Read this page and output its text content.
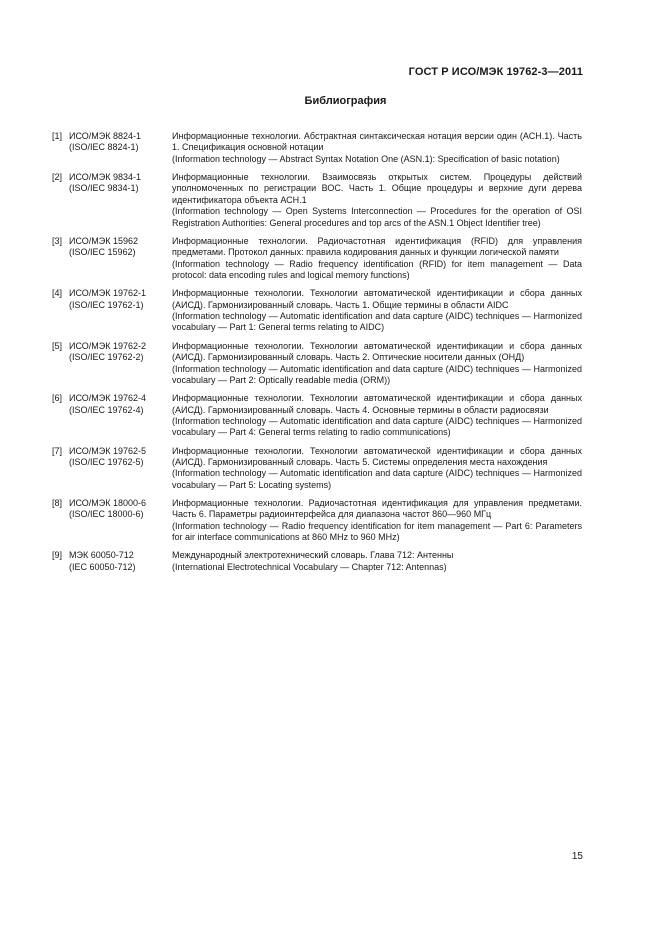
ГОСТ Р ИСО/МЭК 19762-3—2011
Библиография
[1] ИСО/МЭК 8824-1
(ISO/IEC 8824-1)
Информационные технологии. Абстрактная синтаксическая нотация версии один (АСН.1). Часть 1. Спецификация основной нотации
(Information technology — Abstract Syntax Notation One (ASN.1): Specification of basic notation)
[2] ИСО/МЭК 9834-1
(ISO/IEC 9834-1)
Информационные технологии. Взаимосвязь открытых систем. Процедуры действий уполномоченных по регистрации ВОС. Часть 1. Общие процедуры и верхние дуги дерева идентификатора объекта АСН.1
(Information technology — Open Systems Interconnection — Procedures for the operation of OSI Registration Authorities: General procedures and top arcs of the ASN.1 Object Identifier tree)
[3] ИСО/МЭК 15962
(ISO/IEC 15962)
Информационные технологии. Радиочастотная идентификация (RFID) для управления предметами. Протокол данных: правила кодирования данных и функции логической памяти
(Information technology — Radio frequency identification (RFID) for item management — Data protocol: data encoding rules and logical memory functions)
[4] ИСО/МЭК 19762-1
(ISO/IEC 19762-1)
Информационные технологии. Технологии автоматической идентификации и сбора данных (АИСД). Гармонизированный словарь. Часть 1. Общие термины в области AIDC
(Information technology — Automatic identification and data capture (AIDC) techniques — Harmonized vocabulary — Part 1: General terms relating to AIDC)
[5] ИСО/МЭК 19762-2
(ISO/IEC 19762-2)
Информационные технологии. Технологии автоматической идентификации и сбора данных (АИСД). Гармонизированный словарь. Часть 2. Оптические носители данных (ОНД)
(Information technology — Automatic identification and data capture (AIDC) techniques — Harmonized vocabulary — Part 2: Optically readable media (ORM))
[6] ИСО/МЭК 19762-4
(ISO/IEC 19762-4)
Информационные технологии. Технологии автоматической идентификации и сбора данных (АИСД). Гармонизированный словарь. Часть 4. Основные термины в области радиосвязи
(Information technology — Automatic identification and data capture (AIDC) techniques — Harmonized vocabulary — Part 4: General terms relating to radio communications)
[7] ИСО/МЭК 19762-5
(ISO/IEC 19762-5)
Информационные технологии. Технологии автоматической идентификации и сбора данных (АИСД). Гармонизированный словарь. Часть 5. Системы определения места нахождения
(Information technology — Automatic identification and data capture (AIDC) techniques — Harmonized vocabulary — Part 5: Locating systems)
[8] ИСО/МЭК 18000-6
(ISO/IEC 18000-6)
Информационные технологии. Радиочастотная идентификация для управления предметами. Часть 6. Параметры радиоинтерфейса для диапазона частот 860—960 МГц
(Information technology — Radio frequency identification for item management — Part 6: Parameters for air interface communications at 860 MHz to 960 MHz)
[9] МЭК 60050-712
(IEC 60050-712)
Международный электротехнический словарь. Глава 712: Антенны
(International Electrotechnical Vocabulary — Chapter 712: Antennas)
15
